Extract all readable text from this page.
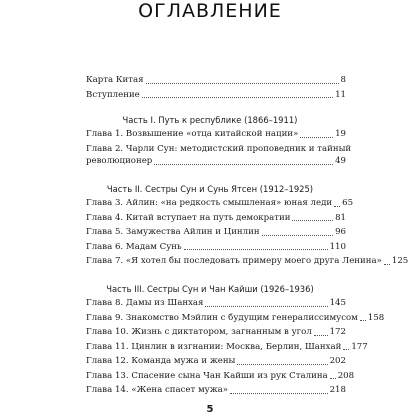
ОГЛАВЛЕНИЕ
Карта Китая	8
Вступление	11
Часть I. Путь к республике (1866–1911)
Глава 1. Возвышение «отца китайской нации»	19
Глава 2. Чарли Сун: методистский проповедник и тайный
революционер	49
Часть II. Сестры Сун и Сунь Ятсен (1912–1925)
Глава 3. Айлин: «на редкость смышленая» юная леди 65
Глава 4. Китай вступает на путь демократии	81
Глава 5. Замужества Айлин и Цинлин	96
Глава 6. Мадам Сунь	110
Глава 7. «Я хотел бы последовать примеру моего друга Ленина» 125
Часть III. Сестры Сун и Чан Кайши (1926–1936)
Глава 8. Дамы из Шанхая	145
Глава 9. Знакомство Мэйлин с будущим генералиссимусом 158
Глава 10. Жизнь с диктатором, загнанным в угол 172
Глава 11. Цинлин в изгнании: Москва, Берлин, Шанхай 177
Глава 12. Команда мужа и жены	202
Глава 13. Спасение сына Чан Кайши из рук Сталина 208
Глава 14. «Жена спасет мужа»	218
5
